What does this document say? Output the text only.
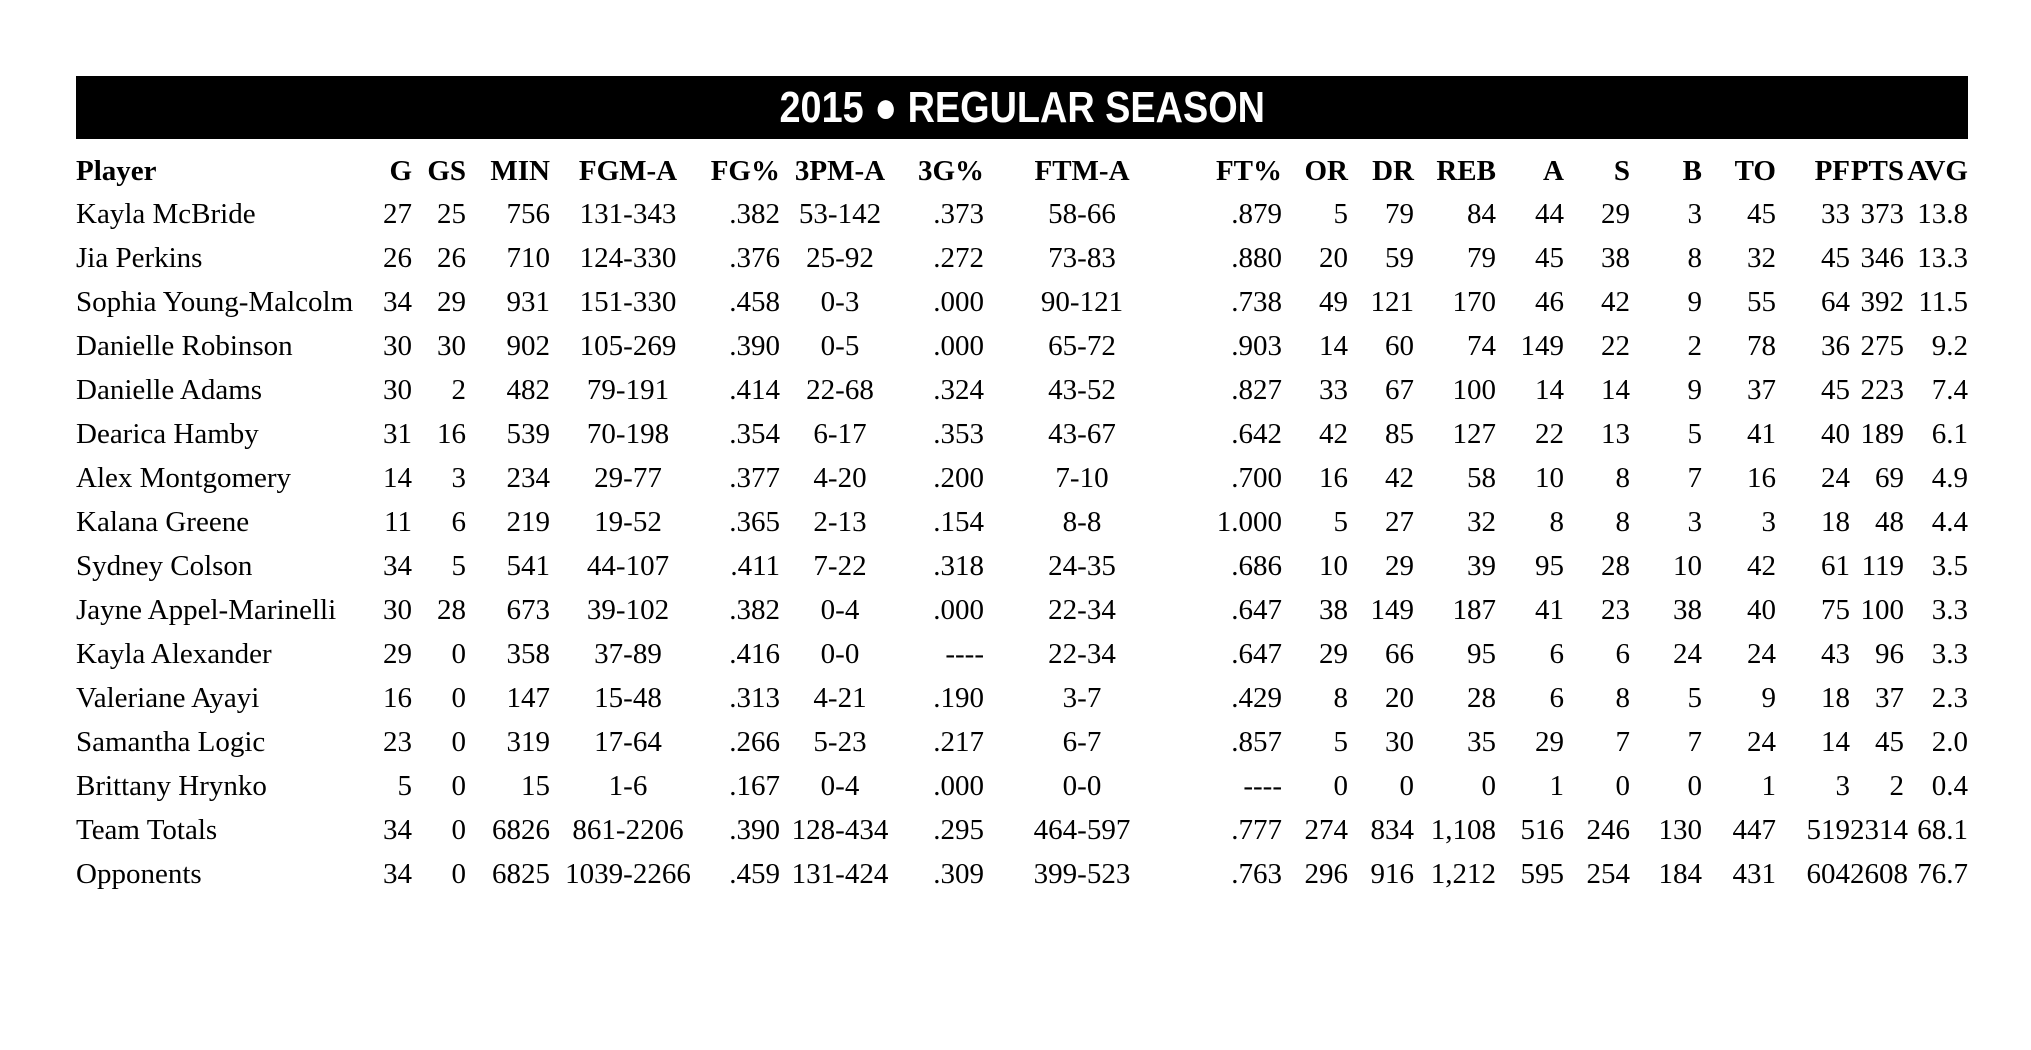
2015 ● REGULAR SEASON
Player	G	GS	MIN	FGM-A	FG%	3PM-A	3G%	FTM-A	FT%	OR	DR	REB	A	S	B	TO	PF	PTS	AVG
Kayla McBride	27	25	756	131-343	.382	53-142	.373	58-66	.879	5	79	84	44	29	3	45	33	373	13.8
Jia Perkins	26	26	710	124-330	.376	25-92	.272	73-83	.880	20	59	79	45	38	8	32	45	346	13.3
Sophia Young-Malcolm	34	29	931	151-330	.458	0-3	.000	90-121	.738	49	121	170	46	42	9	55	64	392	11.5
Danielle Robinson	30	30	902	105-269	.390	0-5	.000	65-72	.903	14	60	74	149	22	2	78	36	275	9.2
Danielle Adams	30	2	482	79-191	.414	22-68	.324	43-52	.827	33	67	100	14	14	9	37	45	223	7.4
Dearica Hamby	31	16	539	70-198	.354	6-17	.353	43-67	.642	42	85	127	22	13	5	41	40	189	6.1
Alex Montgomery	14	3	234	29-77	.377	4-20	.200	7-10	.700	16	42	58	10	8	7	16	24	69	4.9
Kalana Greene	11	6	219	19-52	.365	2-13	.154	8-8	1.000	5	27	32	8	8	3	3	18	48	4.4
Sydney Colson	34	5	541	44-107	.411	7-22	.318	24-35	.686	10	29	39	95	28	10	42	61	119	3.5
Jayne Appel-Marinelli	30	28	673	39-102	.382	0-4	.000	22-34	.647	38	149	187	41	23	38	40	75	100	3.3
Kayla Alexander	29	0	358	37-89	.416	0-0	----	22-34	.647	29	66	95	6	6	24	24	43	96	3.3
Valeriane Ayayi	16	0	147	15-48	.313	4-21	.190	3-7	.429	8	20	28	6	8	5	9	18	37	2.3
Samantha Logic	23	0	319	17-64	.266	5-23	.217	6-7	.857	5	30	35	29	7	7	24	14	45	2.0
Brittany Hrynko	5	0	15	1-6	.167	0-4	.000	0-0	----	0	0	0	1	0	0	1	3	2	0.4
Team Totals	34	0	6826	861-2206	.390	128-434	.295	464-597	.777	274	834	1,108	516	246	130	447	519	2314	68.1
Opponents	34	0	6825	1039-2266	.459	131-424	.309	399-523	.763	296	916	1,212	595	254	184	431	604	2608	76.7
